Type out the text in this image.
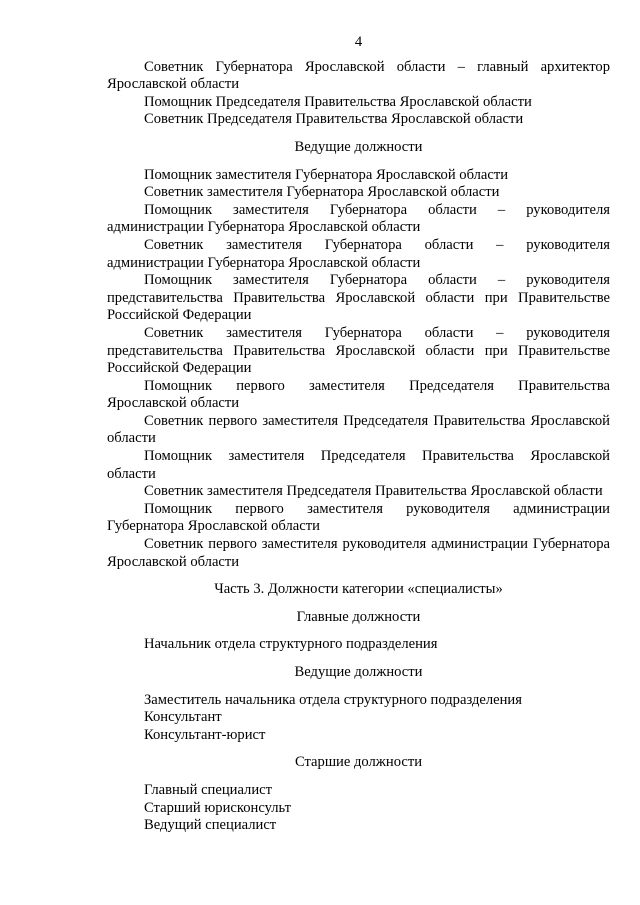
4

Советник Губернатора Ярославской области – главный архитектор Ярославской области

Помощник Председателя Правительства Ярославской области

Советник Председателя Правительства Ярославской области

Ведущие должности

Помощник заместителя Губернатора Ярославской области

Советник заместителя Губернатора Ярославской области

Помощник заместителя Губернатора области – руководителя администрации Губернатора Ярославской области

Советник заместителя Губернатора области – руководителя администрации Губернатора Ярославской области

Помощник заместителя Губернатора области – руководителя представительства Правительства Ярославской области при Правительстве Российской Федерации

Советник заместителя Губернатора области – руководителя представительства Правительства Ярославской области при Правительстве Российской Федерации

Помощник первого заместителя Председателя Правительства Ярославской области

Советник первого заместителя Председателя Правительства Ярославской области

Помощник заместителя Председателя Правительства Ярославской области

Советник заместителя Председателя Правительства Ярославской области

Помощник первого заместителя руководителя администрации Губернатора Ярославской области

Советник первого заместителя руководителя администрации Губернатора Ярославской области

Часть 3. Должности категории «специалисты»

Главные должности

Начальник отдела структурного подразделения

Ведущие должности

Заместитель начальника отдела структурного подразделения

Консультант

Консультант-юрист

Старшие должности

Главный специалист

Старший юрисконсульт

Ведущий специалист
